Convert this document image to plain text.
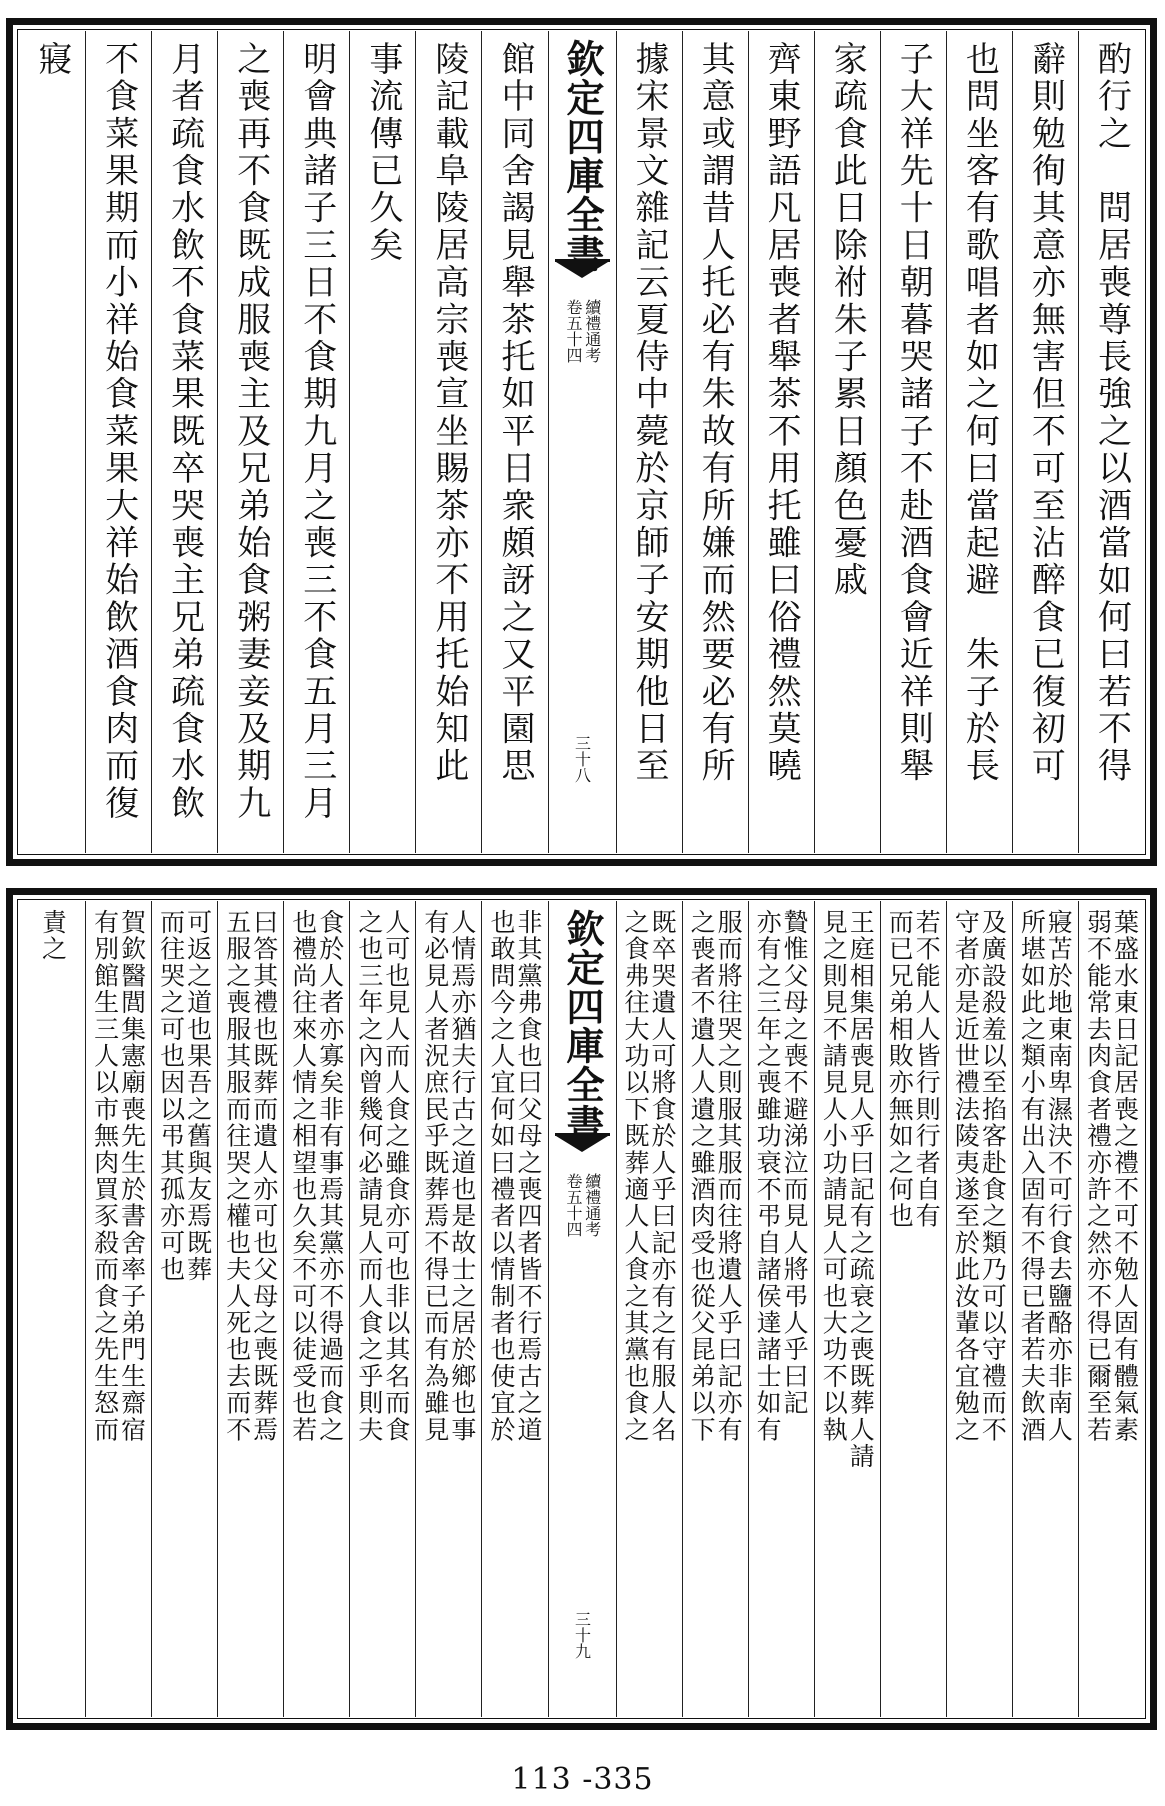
酌行之　問居喪尊長強之以酒當如何曰若不得
辭則勉徇其意亦無害但不可至沾醉食已復初可
也問坐客有歌唱者如之何曰當起避　朱子於長
子大祥先十日朝暮哭諸子不赴酒食會近祥則舉
家疏食此日除祔朱子累日顏色憂戚
齊東野語凡居喪者舉茶不用托雖曰俗禮然莫曉
其意或謂昔人托必有朱故有所嫌而然要必有所
據宋景文雜記云夏侍中薨於京師子安期他日至
欽定四庫全書
續禮通考
卷五十四
三十八
館中同舍謁見舉茶托如平日衆頗訝之又平園思
陵記載阜陵居高宗喪宣坐賜茶亦不用托始知此
事流傳已久矣
明會典諸子三日不食期九月之喪三不食五月三月
之喪再不食既成服喪主及兄弟始食粥妻妾及期九
月者疏食水飲不食菜果既卒哭喪主兄弟疏食水飲
不食菜果期而小祥始食菜果大祥始飲酒食肉而復
寢
葉盛水東日記居喪之禮不可不勉人固有體氣素
弱不能常去肉食者禮亦許之然亦不得已爾至若
寢苫於地東南卑濕決不可行食去鹽酪亦非南人
所堪如此之類小有出入固有不得已者若夫飲酒
及廣設殺羞以至掐客赴食之類乃可以守禮而不
守者亦是近世禮法陵夷遂至於此汝輩各宜勉之
若不能人人皆行則行者自有
而已兄弟相敗亦無如之何也
王庭相集居喪見人乎曰記有之疏衰之喪既葬人請
見之則見不請見人小功請見人可也大功不以執
贄惟父母之喪不避涕泣而見人將弔人乎曰記
亦有之三年之喪雖功衰不弔自諸侯達諸士如有
服而將往哭之則服其服而往將遺人乎曰記亦有
之喪者不遺人人遺之雖酒肉受也從父昆弟以下
既卒哭遺人可將食於人乎曰記亦有之有服人名
之食弗往大功以下既葬適人人食之其黨也食之
欽定四庫全書
續禮通考
卷五十四
三十九
非其黨弗食也曰父母之喪四者皆不行焉古之道
也敢問今之人宜何如曰禮者以情制者也使宜於
人情焉亦猶夫行古之道也是故士之居於鄉也事
有必見人者況庶民乎既葬焉不得已而有為雖見
人可也見人而人食之雖食亦可也非以其名而食
之也三年之內曾幾何必請見人而人食之乎則夫
食於人者亦寡矣非有事焉其黨亦不得過而食之
也禮尚往來人情之相望也久矣不可以徒受也若
曰答其禮也既葬而遺人亦可也父母之喪既葬焉
五服之喪服其服而往哭之權也夫人死也去而不
可返之道也果吾之舊與友焉既葬
而往哭之可也因以弔其孤亦可也
賀欽醫閭集憲廟喪先生於書舍率子弟門生齋宿
有別館生三人以市無肉買豕殺而食之先生怒而
責之
113 -335
